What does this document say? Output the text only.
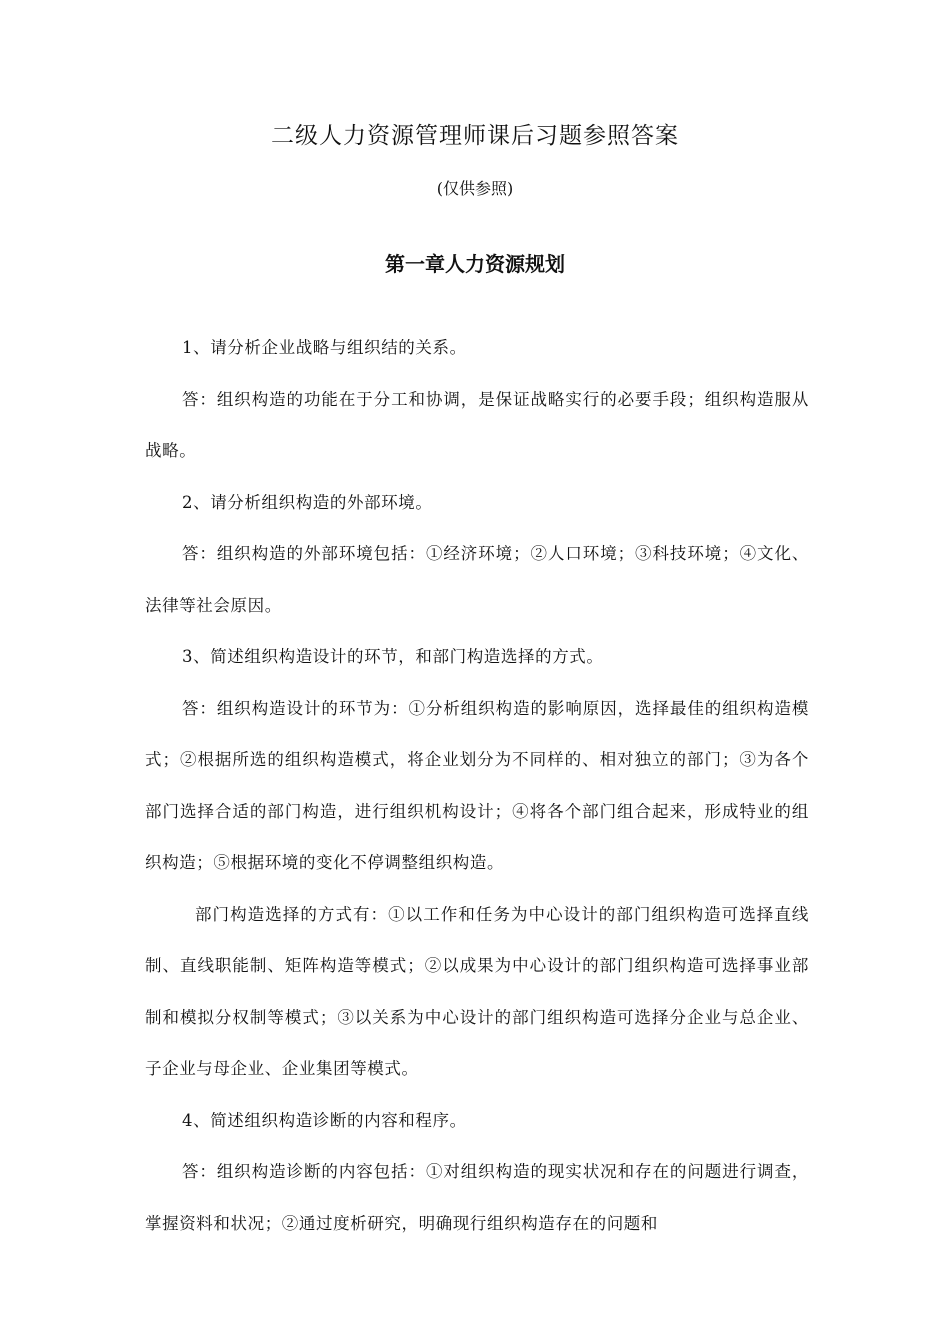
二级人力资源管理师课后习题参照答案
(仅供参照)
第一章人力资源规划

1、请分析企业战略与组织结的关系。

答：组织构造的功能在于分工和协调，是保证战略实行的必要手段；组织构造服从战略。

2、请分析组织构造的外部环境。

答：组织构造的外部环境包括：①经济环境；②人口环境；③科技环境；④文化、法律等社会原因。

3、简述组织构造设计的环节，和部门构造选择的方式。

答：组织构造设计的环节为：①分析组织构造的影响原因，选择最佳的组织构造模式；②根据所选的组织构造模式，将企业划分为不同样的、相对独立的部门；③为各个部门选择合适的部门构造，进行组织机构设计；④将各个部门组合起来，形成特业的组织构造；⑤根据环境的变化不停调整组织构造。

部门构造选择的方式有：①以工作和任务为中心设计的部门组织构造可选择直线制、直线职能制、矩阵构造等模式；②以成果为中心设计的部门组织构造可选择事业部制和模拟分权制等模式；③以关系为中心设计的部门组织构造可选择分企业与总企业、子企业与母企业、企业集团等模式。

4、简述组织构造诊断的内容和程序。

答：组织构造诊断的内容包括：①对组织构造的现实状况和存在的问题进行调查，掌握资料和状况；②通过度析研究，明确现行组织构造存在的问题和
